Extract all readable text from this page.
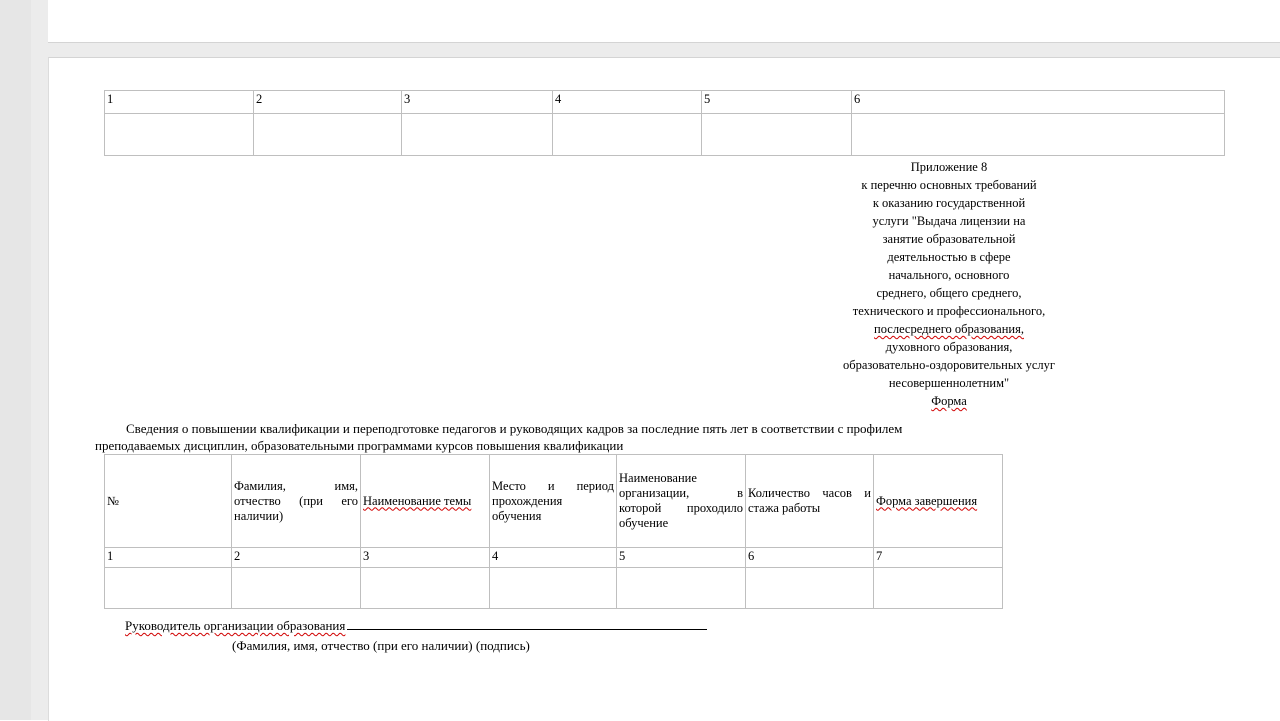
1	2	3	4	5	6

Приложение 8
к перечню основных требований
к оказанию государственной
услуги "Выдача лицензии на
занятие образовательной
деятельностью в сфере
начального, основного
среднего, общего среднего,
технического и профессионального,
послесреднего образования,
духовного образования,
образовательно-оздоровительных услуг
несовершеннолетним"
Форма
Сведения о повышении квалификации и переподготовке педагогов и руководящих кадров за последние пять лет в соответствии с профилем
преподаваемых дисциплин, образовательными программами курсов повышения квалификации
№	Фамилия, имя, отчество (при его наличии)	Наименование темы	Место и период прохождения обучения	Наименование организации, в которой проходило обучение	Количество часов и стажа работы	Форма завершения
1	2	3	4	5	6	7

Руководитель организации образования
(Фамилия, имя, отчество (при его наличии) (подпись)
